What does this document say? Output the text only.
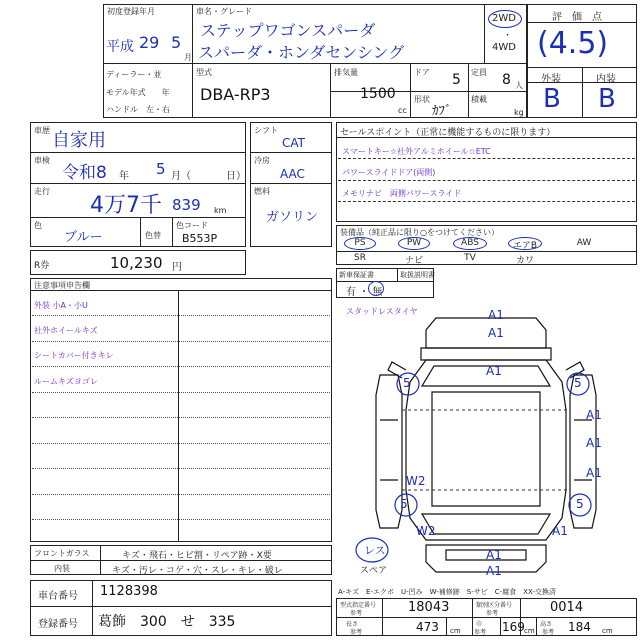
初度登録年月
平成 29 5
月
車名・グレード
ステップワゴンスパーダ
スパーダ・ホンダセンシング
2WD
・
4WD
評　価　点
(4.5)
外装	内装
B B
ディーラー・並
モデル年式　　年
ハンドル　左・右
型式
DBA-RP3
排気量
1500
cc
ドア 5 定員 8 人
形状
ｶﾌﾞ
積載
kg
車歴 自家用
車検
令和8 年 5 月（	日）
走行
4万7千 839 km
色
ブルー	色替
色コード
B553P
シフト
CAT
冷房
AAC
燃料
ガソリン
セールスポイント（正常に機能するものに限ります）
スマートキー☆社外アルミホイール☆ETC
パワースライドドア(両側)
メモリナビ　両側パワースライド
装備品（純正品に限り○をつけてください）
PS	PW	ABS	エアB	AW
SR	ナビ	TV	カワ
新車保証書	取扱説明書
有 ・ 無
R券	10,230 円
注意事項申告欄
外装 小A・小U
社外ホイールキズ
シートカバー付きキレ
ルームキズヨゴレ
スタッドレスタイヤ	A1
A1
A1
5	5
A1
A1
A1
W2
5	5
W2	A1
A1
A1
レス
スペア
フロントガラス	キズ・飛石・ヒビ割・リペア跡・X要
内装	キズ・汚レ・コゲ・穴・スレ・キレ・破レ
車台番号 1128398
登録番号 葛飾　300　せ　335
A-キズ　E-エクボ　U-凹み　W-補修跡　S-サビ　C-腐食　XX-交換済
型式指定番号
参考	18043	類別区分番号
参考	0014
長さ
参考	473 cm
巾
参考 169 cm
高さ
参考 184 cm
